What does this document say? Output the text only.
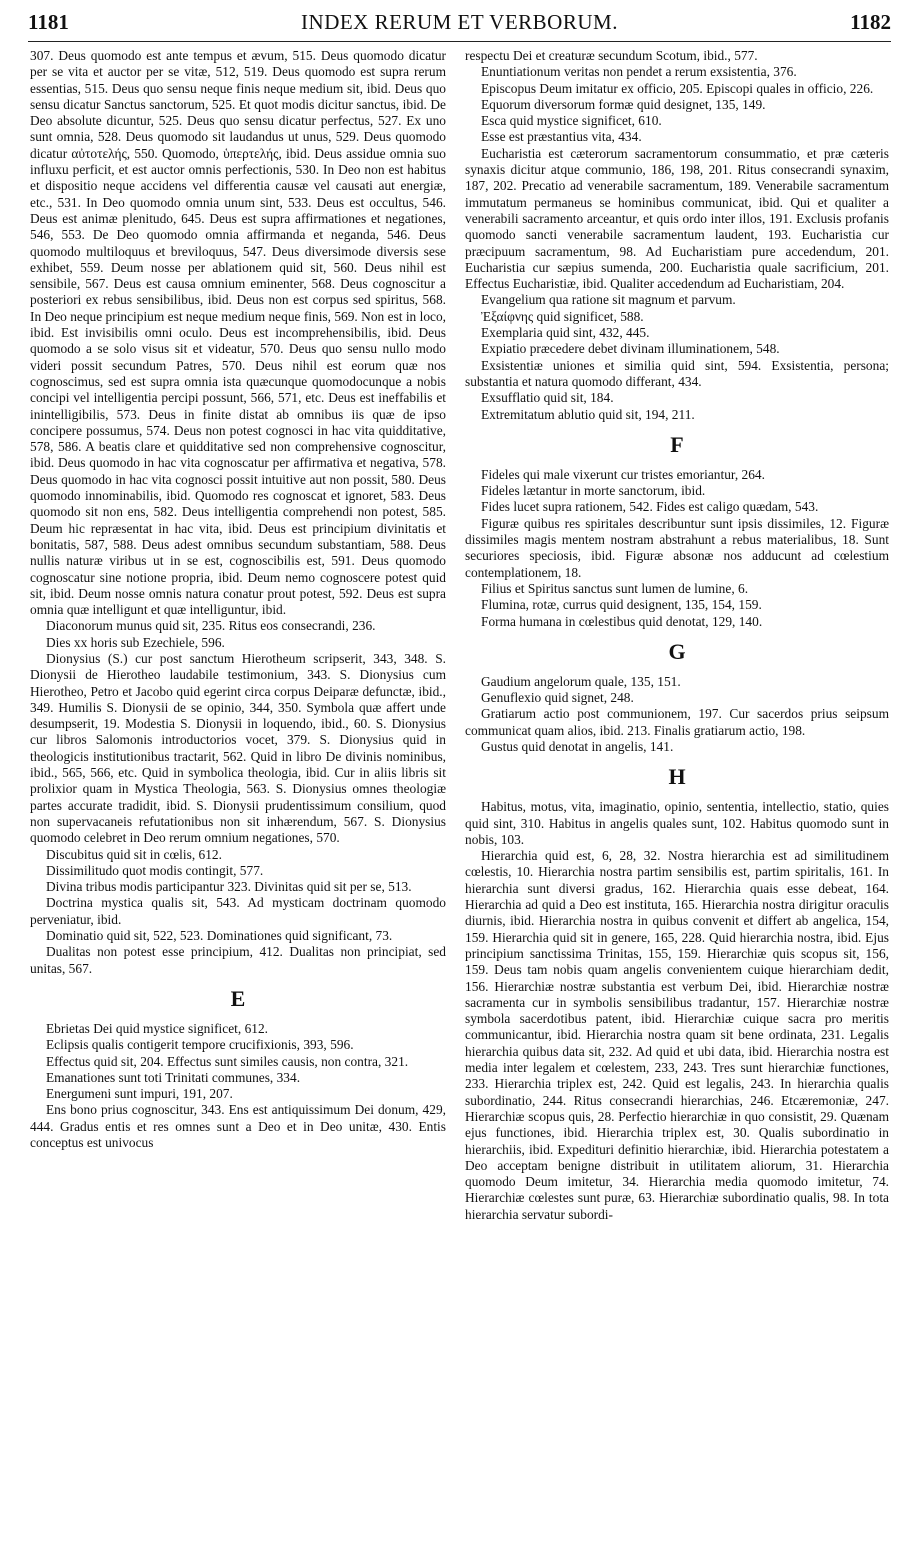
1181	INDEX RERUM ET VERBORUM.	1182

307. Deus quomodo est ante tempus et ævum, 515. Deus quomodo dicatur per se vita et auctor per se vitæ, 512, 519. Deus quomodo est supra rerum essentias, 515. Deus quo sensu neque finis neque medium sit, ibid. Deus quo sensu dicatur Sanctus sanctorum, 525. Et quot modis dicitur sanctus, ibid. De Deo absolute dicuntur, 525. Deus quo sensu dicatur perfectus, 527. Ex uno sunt omnia, 528. Deus quomodo sit laudandus ut unus, 529. Deus quomodo dicatur αὐτοτελής, 550. Quomodo, ὑπερτελής, ibid. Deus assidue omnia suo influxu perficit, et est auctor omnis perfectionis, 530. In Deo non est habitus et dispositio neque accidens vel differentia causæ vel causati aut energiæ, etc., 531. In Deo quomodo omnia unum sint, 533. Deus est occultus, 546. Deus est animæ plenitudo, 645. Deus est supra affirmationes et negationes, 546, 553. De Deo quomodo omnia affirmanda et neganda, 546. Deus quomodo multiloquus et breviloquus, 547. Deus diversimode diversis sese exhibet, 559. Deum nosse per ablationem quid sit, 560. Deus nihil est sensibile, 567. Deus est causa omnium eminenter, 568. Deus cognoscitur a posteriori ex rebus sensibilibus, ibid. Deus non est corpus sed spiritus, 568. In Deo neque principium est neque medium neque finis, 569. Non est in loco, ibid. Est invisibilis omni oculo. Deus est incomprehensibilis, ibid. Deus quomodo a se solo visus sit et videatur, 570. Deus quo sensu nullo modo videri possit secundum Patres, 570. Deus nihil est eorum quæ nos cognoscimus, sed est supra omnia ista quæcunque quomodocunque a nobis concipi vel intelligentia percipi possunt, 566, 571, etc. Deus est ineffabilis et inintelligibilis, 573. Deus in finite distat ab omnibus iis quæ de ipso concipere possumus, 574. Deus non potest cognosci in hac vita quidditative, 578, 586. A beatis clare et quidditative sed non comprehensive cognoscitur, ibid. Deus quomodo in hac vita cognoscatur per affirmativa et negativa, 578. Deus quomodo in hac vita cognosci possit intuitive aut non possit, 580. Deus quomodo innominabilis, ibid. Quomodo res cognoscat et ignoret, 583. Deus quomodo sit non ens, 582. Deus intelligentia comprehendi non potest, 585. Deum hic repræsentat in hac vita, ibid. Deus est principium divinitatis et bonitatis, 587, 588. Deus adest omnibus secundum substantiam, 588. Deus nullis naturæ viribus ut in se est, cognoscibilis est, 591. Deus quomodo cognoscatur sine notione propria, ibid. Deum nemo cognoscere potest quid sit, ibid. Deum nosse omnis natura conatur prout potest, 592. Deus est supra omnia quæ intelligunt et quæ intelliguntur, ibid.

Diaconorum munus quid sit, 235. Ritus eos consecrandi, 236.

Dies xx horis sub Ezechiele, 596.

Dionysius (S.) cur post sanctum Hierotheum scripserit, 343, 348. S. Dionysii de Hierotheo laudabile testimonium, 343. S. Dionysius cum Hierotheo, Petro et Jacobo quid egerint circa corpus Deiparæ defunctæ, ibid., 349. Humilis S. Dionysii de se opinio, 344, 350. Symbola quæ affert unde desumpserit, 19. Modestia S. Dionysii in loquendo, ibid., 60. S. Dionysius cur libros Salomonis introductorios vocet, 379. S. Dionysius quid in theologicis institutionibus tractarit, 562. Quid in libro De divinis nominibus, ibid., 565, 566, etc. Quid in symbolica theologia, ibid. Cur in aliis libris sit prolixior quam in Mystica Theologia, 563. S. Dionysius omnes theologiæ partes accurate tradidit, ibid. S. Dionysii prudentissimum consilium, quod non supervacaneis refutationibus non sit inhærendum, 567. S. Dionysius quomodo celebret in Deo rerum omnium negationes, 570.

Discubitus quid sit in cœlis, 612.

Dissimilitudo quot modis contingit, 577.

Divina tribus modis participantur 323. Divinitas quid sit per se, 513.

Doctrina mystica qualis sit, 543. Ad mysticam doctrinam quomodo perveniatur, ibid.

Dominatio quid sit, 522, 523. Dominationes quid significant, 73.

Dualitas non potest esse principium, 412. Dualitas non principiat, sed unitas, 567.

E

Ebrietas Dei quid mystice significet, 612.

Eclipsis qualis contigerit tempore crucifixionis, 393, 596.

Effectus quid sit, 204. Effectus sunt similes causis, non contra, 321.

Emanationes sunt toti Trinitati communes, 334.

Energumeni sunt impuri, 191, 207.

Ens bono prius cognoscitur, 343. Ens est antiquissimum Dei donum, 429, 444. Gradus entis et res omnes sunt a Deo et in Deo unitæ, 430. Entis conceptus est univocus

respectu Dei et creaturæ secundum Scotum, ibid., 577.

Enuntiationum veritas non pendet a rerum exsistentia, 376.

Episcopus Deum imitatur ex officio, 205. Episcopi quales in officio, 226.

Equorum diversorum formæ quid designet, 135, 149.

Esca quid mystice significet, 610.

Esse est præstantius vita, 434.

Eucharistia est cæterorum sacramentorum consummatio, et præ cæteris synaxis dicitur atque communio, 186, 198, 201. Ritus consecrandi synaxim, 187, 202. Precatio ad venerabile sacramentum, 189. Venerabile sacramentum immutatum permaneus se hominibus communicat, ibid. Qui et qualiter a venerabili sacramento arceantur, et quis ordo inter illos, 191. Exclusis profanis quomodo sancti venerabile sacramentum laudent, 193. Eucharistia cur præcipuum sacramentum, 98. Ad Eucharistiam pure accedendum, 201. Eucharistia cur sæpius sumenda, 200. Eucharistia quale sacrificium, 201. Effectus Eucharistiæ, ibid. Qualiter accedendum ad Eucharistiam, 204.

Evangelium qua ratione sit magnum et parvum.

Ἐξαίφνης quid significet, 588.

Exemplaria quid sint, 432, 445.

Expiatio præcedere debet divinam illuminationem, 548.

Exsistentiæ uniones et similia quid sint, 594. Exsistentia, persona; substantia et natura quomodo differant, 434.

Exsufflatio quid sit, 184.

Extremitatum ablutio quid sit, 194, 211.

F

Fideles qui male vixerunt cur tristes emoriantur, 264.

Fideles lætantur in morte sanctorum, ibid.

Fides lucet supra rationem, 542. Fides est caligo quædam, 543.

Figuræ quibus res spiritales describuntur sunt ipsis dissimiles, 12. Figuræ dissimiles magis mentem nostram abstrahunt a rebus materialibus, 18. Sunt securiores speciosis, ibid. Figuræ absonæ nos adducunt ad cœlestium contemplationem, 18.

Filius et Spiritus sanctus sunt lumen de lumine, 6.

Flumina, rotæ, currus quid designent, 135, 154, 159.

Forma humana in cœlestibus quid denotat, 129, 140.

G

Gaudium angelorum quale, 135, 151.

Genuflexio quid signet, 248.

Gratiarum actio post communionem, 197. Cur sacerdos prius seipsum communicat quam alios, ibid. 213. Finalis gratiarum actio, 198.

Gustus quid denotat in angelis, 141.

H

Habitus, motus, vita, imaginatio, opinio, sententia, intellectio, statio, quies quid sint, 310. Habitus in angelis quales sunt, 102. Habitus quomodo sunt in nobis, 103.

Hierarchia quid est, 6, 28, 32. Nostra hierarchia est ad similitudinem cœlestis, 10. Hierarchia nostra partim sensibilis est, partim spiritalis, 161. In hierarchia sunt diversi gradus, 162. Hierarchia quais esse debeat, 164. Hierarchia ad quid a Deo est instituta, 165. Hierarchia nostra dirigitur oraculis diurnis, ibid. Hierarchia nostra in quibus convenit et differt ab angelica, 154, 159. Hierarchia quid sit in genere, 165, 228. Quid hierarchia nostra, ibid. Ejus principium sanctissima Trinitas, 155, 159. Hierarchiæ quis scopus sit, 156, 159. Deus tam nobis quam angelis convenientem cuique hierarchiam dedit, 156. Hierarchiæ nostræ substantia est verbum Dei, ibid. Hierarchiæ nostræ sacramenta cur in symbolis sensibilibus tradantur, 157. Hierarchiæ nostræ symbola sacerdotibus patent, ibid. Hierarchiæ cuique sacra pro meritis communicantur, ibid. Hierarchia nostra quam sit bene ordinata, 231. Legalis hierarchia quibus data sit, 232. Ad quid et ubi data, ibid. Hierarchia nostra est media inter legalem et cœlestem, 233, 243. Tres sunt hierarchiæ functiones, 233. Hierarchia triplex est, 242. Quid est legalis, 243. In hierarchia qualis subordinatio, 244. Ritus consecrandi hierarchias, 246. Etcæremoniæ, 247. Hierarchiæ scopus quis, 28. Perfectio hierarchiæ in quo consistit, 29. Quænam ejus functiones, ibid. Hierarchia triplex est, 30. Qualis subordinatio in hierarchiis, ibid. Expedituri definitio hierarchiæ, ibid. Hierarchia potestatem a Deo acceptam benigne distribuit in utilitatem aliorum, 31. Hierarchia quomodo Deum imitetur, 34. Hierarchia media quomodo imitetur, 74. Hierarchiæ cœlestes sunt puræ, 63. Hierarchiæ subordinatio qualis, 98. In tota hierarchia servatur subordi-
